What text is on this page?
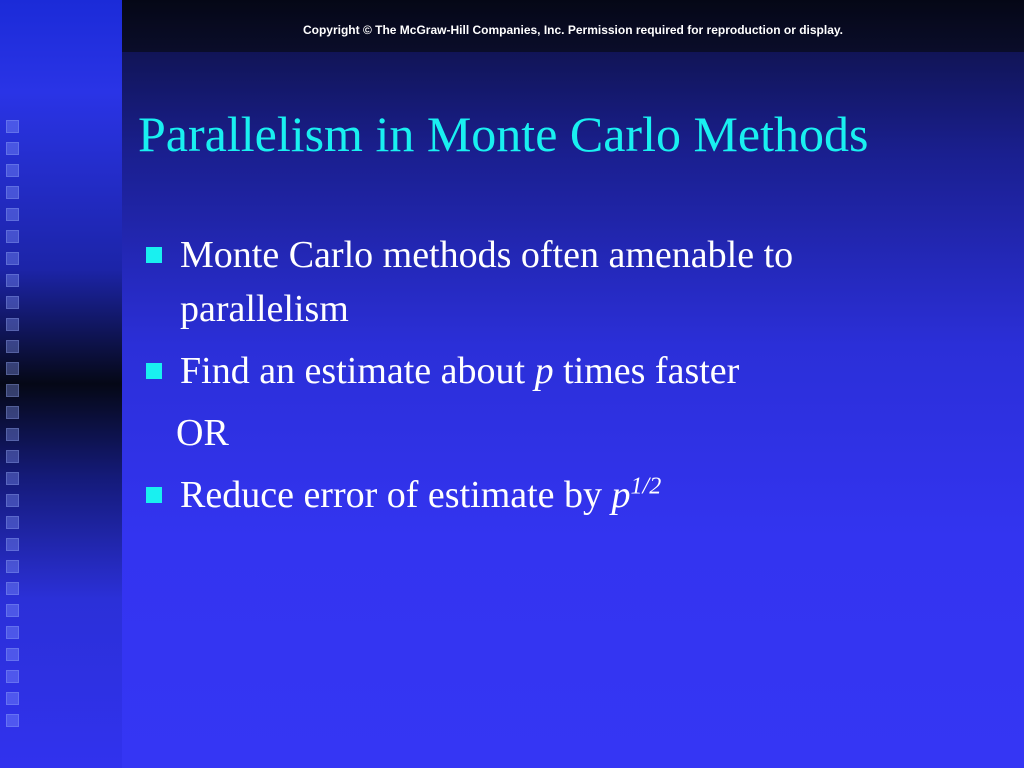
Copyright © The McGraw-Hill Companies, Inc. Permission required for reproduction or display.
Parallelism in Monte Carlo Methods
Monte Carlo methods often amenable to parallelism
Find an estimate about p times faster
OR
Reduce error of estimate by $p^{1/2}$
